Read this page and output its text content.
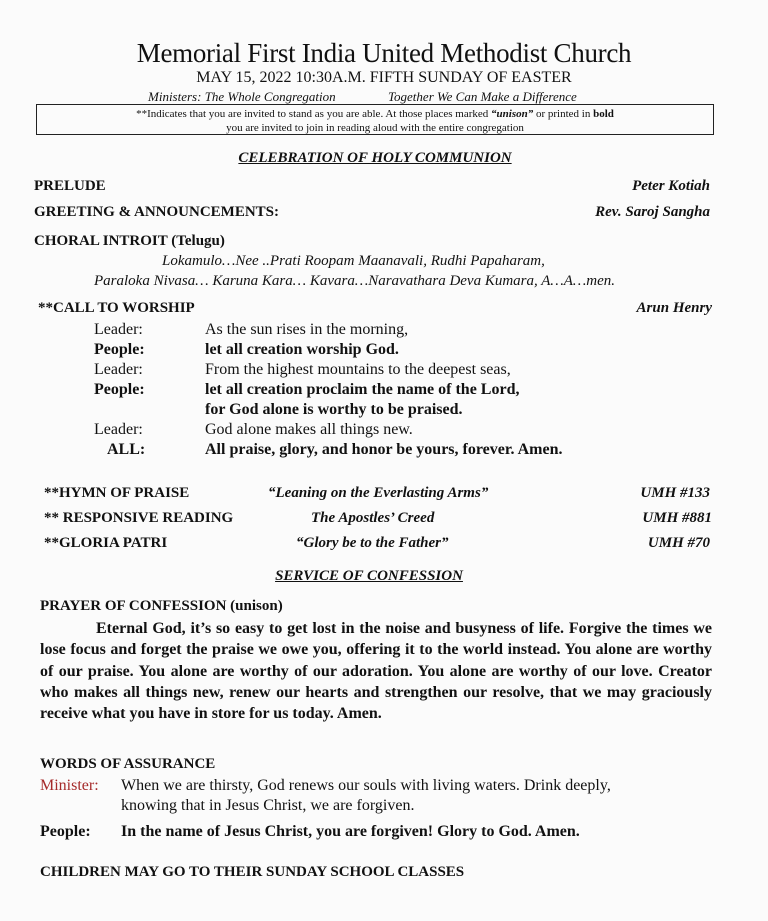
Memorial First India United Methodist Church
MAY 15, 2022 10:30A.M. FIFTH SUNDAY OF EASTER
Ministers: The Whole Congregation	Together We Can Make a Difference
**Indicates that you are invited to stand as you are able. At those places marked “unison” or printed in bold
you are invited to join in reading aloud with the entire congregation
CELEBRATION OF HOLY COMMUNION
PRELUDE	Peter Kotiah
GREETING & ANNOUNCEMENTS:	Rev. Saroj Sangha
CHORAL INTROIT (Telugu)
Lokamulo…Nee ..Prati Roopam Maanavali, Rudhi Papaharam,
Paraloka Nivasa… Karuna Kara… Kavara…Naravathara Deva Kumara, A…A…men.
**CALL TO WORSHIP	Arun Henry
Leader:	As the sun rises in the morning,
People:	let all creation worship God.
Leader:	From the highest mountains to the deepest seas,
People:	let all creation proclaim the name of the Lord,
for God alone is worthy to be praised.
Leader:	God alone makes all things new.
ALL:	All praise, glory, and honor be yours, forever. Amen.
**HYMN OF PRAISE	“Leaning on the Everlasting Arms”	UMH #133
** RESPONSIVE READING	The Apostles’ Creed	UMH #881
**GLORIA PATRI	“Glory be to the Father”	UMH #70
SERVICE OF CONFESSION
PRAYER OF CONFESSION (unison)
Eternal God, it’s so easy to get lost in the noise and busyness of life. Forgive the times we lose focus and forget the praise we owe you, offering it to the world instead. You alone are worthy of our praise. You alone are worthy of our adoration. You alone are worthy of our love. Creator who makes all things new, renew our hearts and strengthen our resolve, that we may graciously receive what you have in store for us today. Amen.
WORDS OF ASSURANCE
Minister: When we are thirsty, God renews our souls with living waters. Drink deeply,
knowing that in Jesus Christ, we are forgiven.
People: In the name of Jesus Christ, you are forgiven! Glory to God. Amen.
CHILDREN MAY GO TO THEIR SUNDAY SCHOOL CLASSES
